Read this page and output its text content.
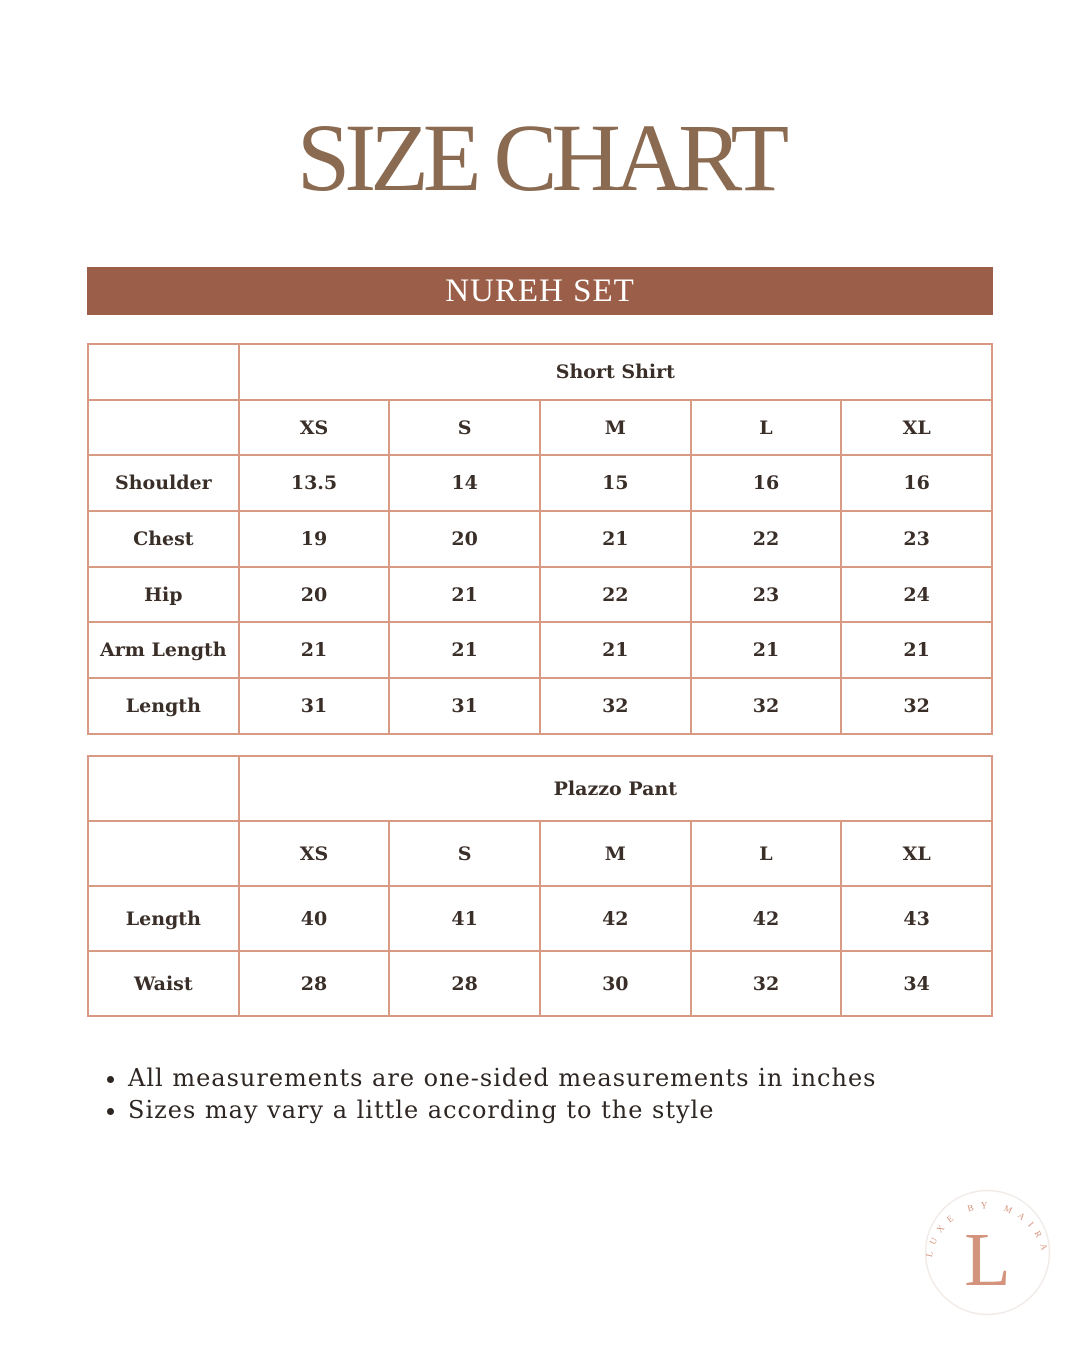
SIZE CHART
NUREH SET
	Short Shirt				
	XS	S	M	L	XL
Shoulder	13.5	14	15	16	16
Chest	19	20	21	22	23
Hip	20	21	22	23	24
Arm Length	21	21	21	21	21
Length	31	31	32	32	32
	Plazzo Pant				
	XS	S	M	L	XL
Length	40	41	42	42	43
Waist	28	28	30	32	34
• All measurements are one-sided measurements in inches
• Sizes may vary a little according to the style
LUXE BY MAIRA
L
